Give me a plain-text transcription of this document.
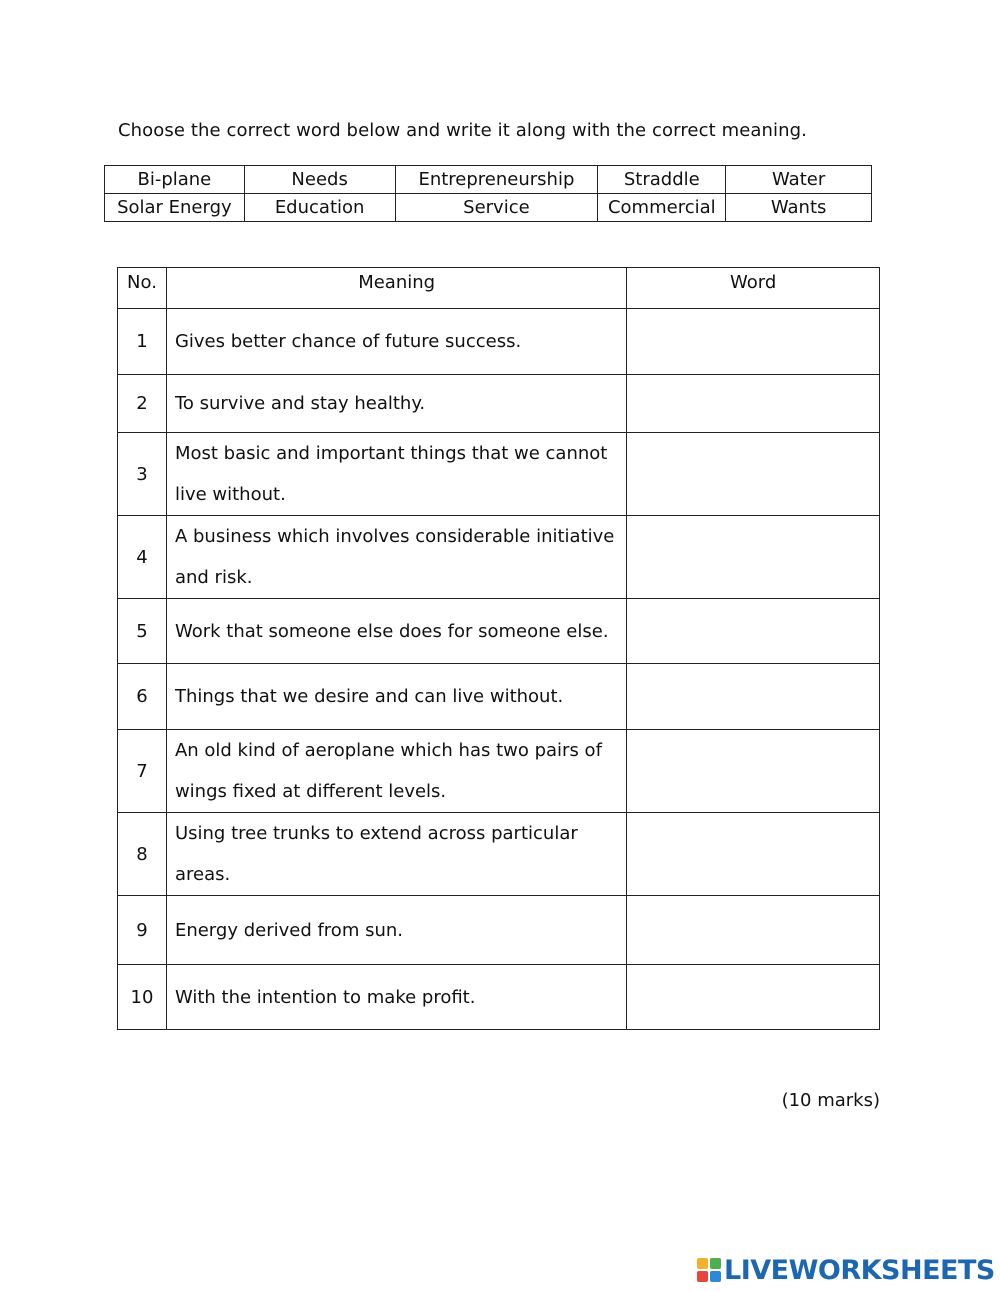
Choose the correct word below and write it along with the correct meaning.
Bi-plane	Needs	Entrepreneurship	Straddle	Water
Solar Energy	Education	Service	Commercial	Wants
No.	Meaning	Word
1	Gives better chance of future success.	
2	To survive and stay healthy.	
3	Most basic and important things that we cannot live without.	
4	A business which involves considerable initiative and risk.	
5	Work that someone else does for someone else.	
6	Things that we desire and can live without.	
7	An old kind of aeroplane which has two pairs of wings fixed at different levels.	
8	Using tree trunks to extend across particular areas.	
9	Energy derived from sun.	
10	With the intention to make profit.	
(10 marks)
LIVEWORKSHEETS
